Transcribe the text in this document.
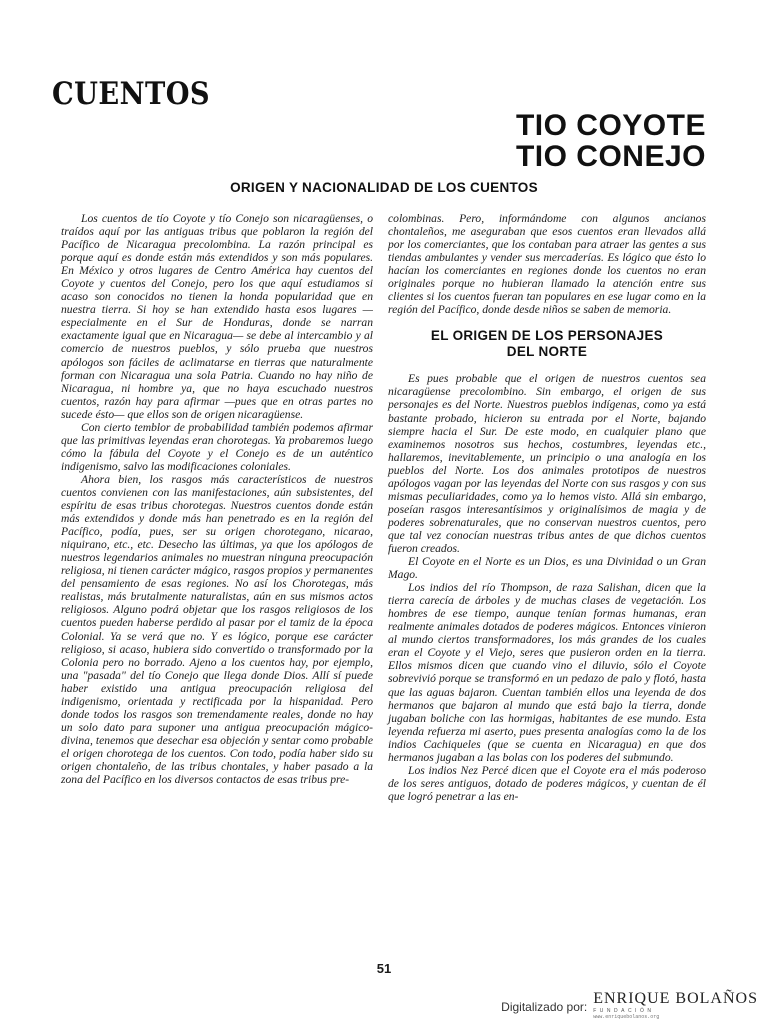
CUENTOS
TIO COYOTE
TIO CONEJO
ORIGEN Y NACIONALIDAD DE LOS CUENTOS

Los cuentos de tío Coyote y tío Conejo son nicaragüenses, o traídos aquí por las antiguas tribus que poblaron la región del Pacífico de Nicaragua precolombina. La razón principal es porque aquí es donde están más extendidos y son más populares. En México y otros lugares de Centro América hay cuentos del Coyote y cuentos del Conejo, pero los que aquí estudiamos si acaso son conocidos no tienen la honda popularidad que en nuestra tierra. Si hoy se han extendido hasta esos lugares —especialmente en el Sur de Honduras, donde se narran exactamente igual que en Nicaragua— se debe al intercambio y al comercio de nuestros pueblos, y sólo prueba que nuestros apólogos son fáciles de aclimatarse en tierras que naturalmente forman con Nicaragua una sola Patria. Cuando no hay niño de Nicaragua, ni hombre ya, que no haya escuchado nuestros cuentos, razón hay para afirmar —pues que en otras partes no sucede ésto— que ellos son de origen nicaragüense.

Con cierto temblor de probabilidad también podemos afirmar que las primitivas leyendas eran chorotegas. Ya probaremos luego cómo la fábula del Coyote y el Conejo es de un auténtico indigenismo, salvo las modificaciones coloniales.

Ahora bien, los rasgos más característicos de nuestros cuentos convienen con las manifestaciones, aún subsistentes, del espíritu de esas tribus chorotegas. Nuestros cuentos donde están más extendidos y donde más han penetrado es en la región del Pacífico, podía, pues, ser su origen chorotegano, nicarao, niquirano, etc., etc. Desecho las últimas, ya que los apólogos de nuestros legendarios animales no muestran ninguna preocupación religiosa, ni tienen carácter mágico, rasgos propios y permanentes del pensamiento de esas regiones. No así los Chorotegas, más realistas, más brutalmente naturalistas, aún en sus mismos actos religiosos. Alguno podrá objetar que los rasgos religiosos de los cuentos pueden haberse perdido al pasar por el tamiz de la época Colonial. Ya se verá que no. Y es lógico, porque ese carácter religioso, si acaso, hubiera sido convertido o transformado por la Colonia pero no borrado. Ajeno a los cuentos hay, por ejemplo, una "pasada" del tío Conejo que llega donde Dios. Allí sí puede haber existido una antigua preocupación religiosa del indigenismo, orientada y rectificada por la hispanidad. Pero donde todos los rasgos son tremendamente reales, donde no hay un solo dato para suponer una antigua preocupación mágico-divina, tenemos que desechar esa objeción y sentar como probable el origen chorotega de los cuentos. Con todo, podía haber sido su origen chontaleño, de las tribus chontales, y haber pasado a la zona del Pacífico en los diversos contactos de esas tribus pre-

colombinas. Pero, informándome con algunos ancianos chontaleños, me aseguraban que esos cuentos eran llevados allá por los comerciantes, que los contaban para atraer las gentes a sus tiendas ambulantes y vender sus mercaderías. Es lógico que ésto lo hacían los comerciantes en regiones donde los cuentos no eran originales porque no hubieran llamado la atención entre sus clientes si los cuentos fueran tan populares en ese lugar como en la región del Pacífico, donde desde niños se saben de memoria.

EL ORIGEN DE LOS PERSONAJES
DEL NORTE

Es pues probable que el origen de nuestros cuentos sea nicaragüense precolombino. Sin embargo, el origen de sus personajes es del Norte. Nuestros pueblos indígenas, como ya está bastante probado, hicieron su entrada por el Norte, bajando siempre hacia el Sur. De este modo, en cualquier plano que examinemos nosotros sus hechos, costumbres, leyendas etc., hallaremos, inevitablemente, un principio o una analogía en los pueblos del Norte. Los dos animales prototipos de nuestros apólogos vagan por las leyendas del Norte con sus rasgos y con sus mismas peculiaridades, como ya lo hemos visto. Allá sin embargo, poseían rasgos interesantísimos y originalísimos de magia y de poderes sobrenaturales, que no conservan nuestros cuentos, pero que tal vez conocían nuestras tribus antes de que dichos cuentos fueron creados.

El Coyote en el Norte es un Dios, es una Divinidad o un Gran Mago.

Los indios del río Thompson, de raza Salishan, dicen que la tierra carecía de árboles y de muchas clases de vegetación. Los hombres de ese tiempo, aunque tenían formas humanas, eran realmente animales dotados de poderes mágicos. Entonces vinieron al mundo ciertos transformadores, los más grandes de los cuales eran el Coyote y el Viejo, seres que pusieron orden en la tierra. Ellos mismos dicen que cuando vino el diluvio, sólo el Coyote sobrevivió porque se transformó en un pedazo de palo y flotó, hasta que las aguas bajaron. Cuentan también ellos una leyenda de dos hermanos que bajaron al mundo que está bajo la tierra, donde jugaban boliche con las hormigas, habitantes de ese mundo. Esta leyenda refuerza mi aserto, pues presenta analogías como la de los indios Cachiqueles (que se cuenta en Nicaragua) en que dos hermanos jugaban a las bolas con los poderes del submundo.

Los indios Nez Percé dicen que el Coyote era el más poderoso de los seres antiguos, dotado de poderes mágicos, y cuentan de él que logró penetrar a las en-

51
Digitalizado por: ENRIQUE BOLAÑOS
FUNDACIÓN
www.enriquebolanos.org
